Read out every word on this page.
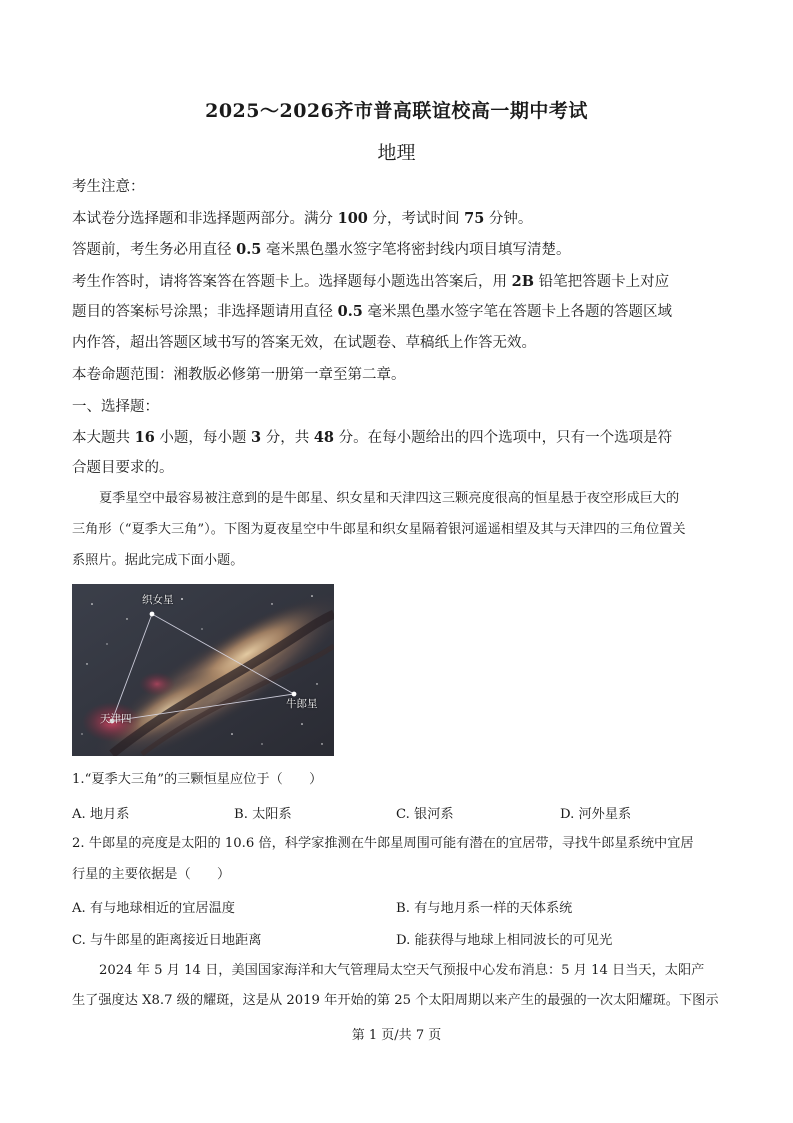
2025～2026齐市普高联谊校高一期中考试
地理
考生注意：
本试卷分选择题和非选择题两部分。满分 100 分，考试时间 75 分钟。
答题前，考生务必用直径 0.5 毫米黑色墨水签字笔将密封线内项目填写清楚。
考生作答时，请将答案答在答题卡上。选择题每小题选出答案后，用 2B 铅笔把答题卡上对应
题目的答案标号涂黑；非选择题请用直径 0.5 毫米黑色墨水签字笔在答题卡上各题的答题区域
内作答，超出答题区域书写的答案无效，在试题卷、草稿纸上作答无效。
本卷命题范围：湘教版必修第一册第一章至第二章。
一、选择题：
本大题共 16 小题，每小题 3 分，共 48 分。在每小题给出的四个选项中，只有一个选项是符
合题目要求的。
夏季星空中最容易被注意到的是牛郎星、织女星和天津四这三颗亮度很高的恒星悬于夜空形成巨大的
三角形（“夏季大三角”）。下图为夏夜星空中牛郎星和织女星隔着银河遥遥相望及其与天津四的三角位置关
系照片。据此完成下面小题。
织女星
牛郎星
天津四
1.“夏季大三角”的三颗恒星应位于（　　）
A. 地月系	B. 太阳系	C. 银河系	D. 河外星系
2. 牛郎星的亮度是太阳的 10.6 倍，科学家推测在牛郎星周围可能有潜在的宜居带，寻找牛郎星系统中宜居
行星的主要依据是（　　）
A. 有与地球相近的宜居温度	B. 有与地月系一样的天体系统
C. 与牛郎星的距离接近日地距离	D. 能获得与地球上相同波长的可见光
2024 年 5 月 14 日，美国国家海洋和大气管理局太空天气预报中心发布消息：5 月 14 日当天，太阳产
生了强度达 X8.7 级的耀斑，这是从 2019 年开始的第 25 个太阳周期以来产生的最强的一次太阳耀斑。下图示
第 1 页/共 7 页
